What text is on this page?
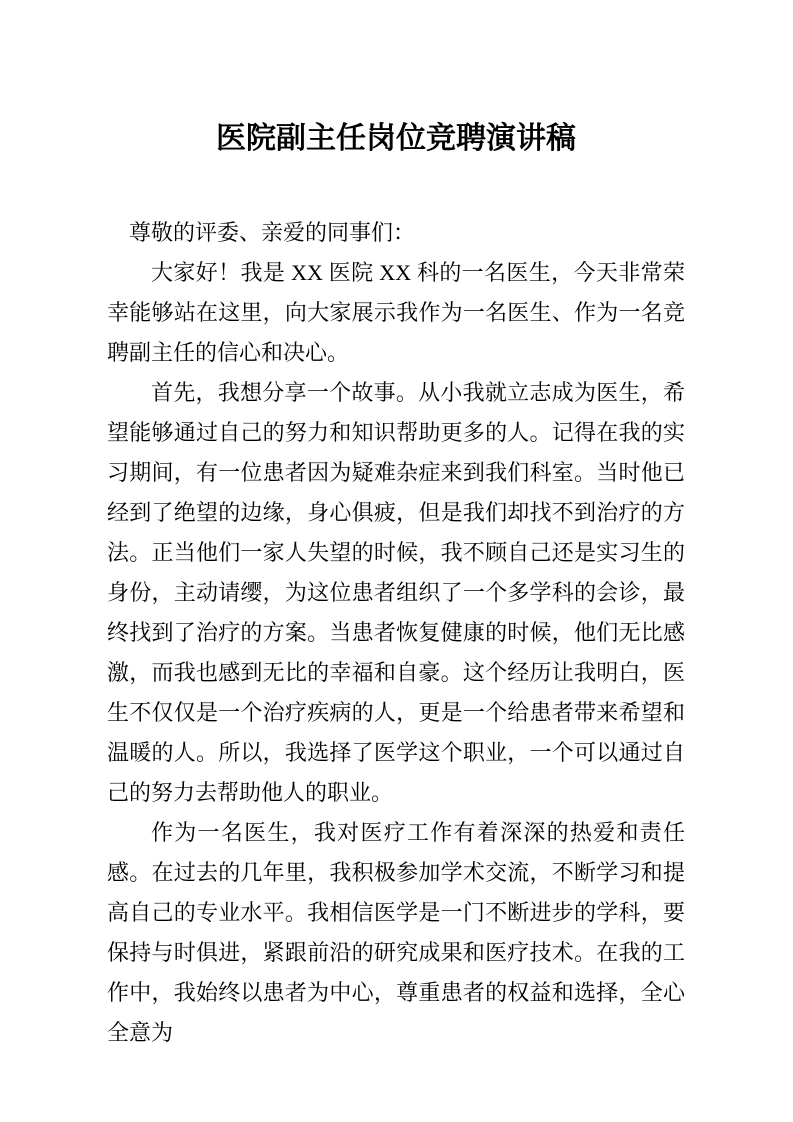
医院副主任岗位竞聘演讲稿

尊敬的评委、亲爱的同事们：

大家好！我是 XX 医院 XX 科的一名医生，今天非常荣幸能够站在这里，向大家展示我作为一名医生、作为一名竞聘副主任的信心和决心。

首先，我想分享一个故事。从小我就立志成为医生，希望能够通过自己的努力和知识帮助更多的人。记得在我的实习期间，有一位患者因为疑难杂症来到我们科室。当时他已经到了绝望的边缘，身心俱疲，但是我们却找不到治疗的方法。正当他们一家人失望的时候，我不顾自己还是实习生的身份，主动请缨，为这位患者组织了一个多学科的会诊，最终找到了治疗的方案。当患者恢复健康的时候，他们无比感激，而我也感到无比的幸福和自豪。这个经历让我明白，医生不仅仅是一个治疗疾病的人，更是一个给患者带来希望和温暖的人。所以，我选择了医学这个职业，一个可以通过自己的努力去帮助他人的职业。

作为一名医生，我对医疗工作有着深深的热爱和责任感。在过去的几年里，我积极参加学术交流，不断学习和提高自己的专业水平。我相信医学是一门不断进步的学科，要保持与时俱进，紧跟前沿的研究成果和医疗技术。在我的工作中，我始终以患者为中心，尊重患者的权益和选择，全心全意为
